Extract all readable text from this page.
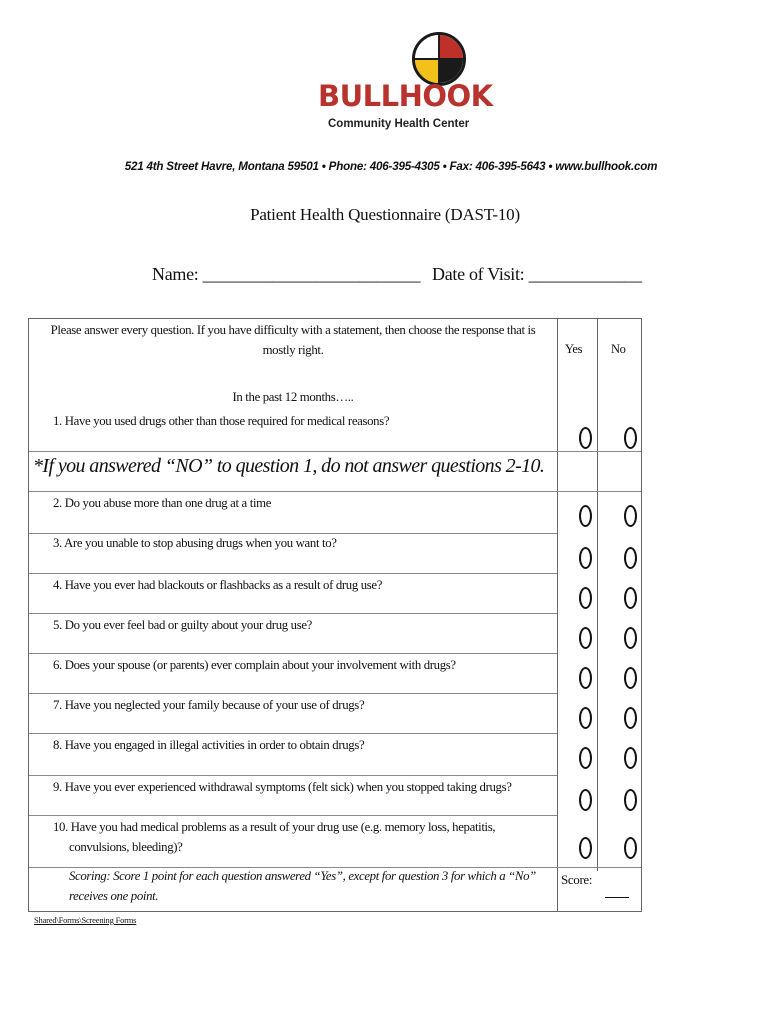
BULLHOOK
Community Health Center
521 4th Street Havre, Montana 59501 • Phone: 406-395-4305 • Fax: 406-395-5643 • www.bullhook.com
Patient Health Questionnaire (DAST-10)
Name: _________________________ Date of Visit: _____________
Please answer every question. If you have difficulty with a statement, then choose the response that is mostly right.	Yes No
In the past 12 months…..
1. Have you used drugs other than those required for medical reasons?
*If you answered “NO” to question 1, do not answer questions 2-10.
2. Do you abuse more than one drug at a time
3. Are you unable to stop abusing drugs when you want to?
4. Have you ever had blackouts or flashbacks as a result of drug use?
5. Do you ever feel bad or guilty about your drug use?
6. Does your spouse (or parents) ever complain about your involvement with drugs?
7. Have you neglected your family because of your use of drugs?
8. Have you engaged in illegal activities in order to obtain drugs?
9. Have you ever experienced withdrawal symptoms (felt sick) when you stopped taking drugs?
10. Have you had medical problems as a result of your drug use (e.g. memory loss, hepatitis,
convulsions, bleeding)?
Scoring: Score 1 point for each question answered “Yes”, except for question 3 for which a “No” receives one point.
Score:
Shared\Forms\Screening Forms
